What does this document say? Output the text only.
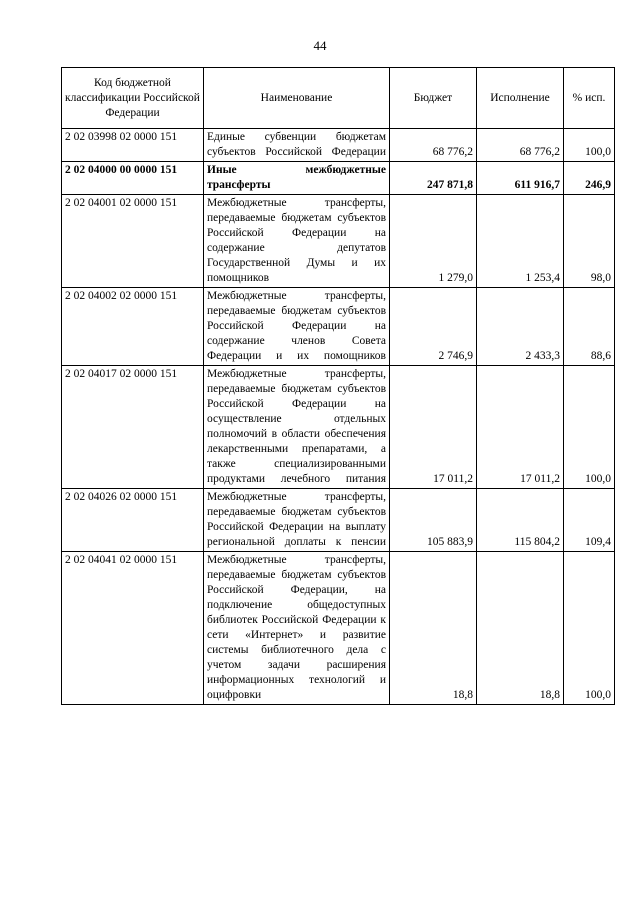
44
Код бюджетной классификации Российской Федерации	Наименование	Бюджет	Исполнение	% исп.
2 02 03998 02 0000 151	Единые субвенции бюджетам субъектов Российской Федерации	68 776,2	68 776,2	100,0
2 02 04000 00 0000 151	Иные межбюджетные трансферты	247 871,8	611 916,7	246,9
2 02 04001 02 0000 151	Межбюджетные трансферты, передаваемые бюджетам субъектов Российской Федерации на содержание депутатов Государственной Думы и их помощников	1 279,0	1 253,4	98,0
2 02 04002 02 0000 151	Межбюджетные трансферты, передаваемые бюджетам субъектов Российской Федерации на содержание членов Совета Федерации и их помощников	2 746,9	2 433,3	88,6
2 02 04017 02 0000 151	Межбюджетные трансферты, передаваемые бюджетам субъектов Российской Федерации на осуществление отдельных полномочий в области обеспечения лекарственными препаратами, а также специализированными продуктами лечебного питания	17 011,2	17 011,2	100,0
2 02 04026 02 0000 151	Межбюджетные трансферты, передаваемые бюджетам субъектов Российской Федерации на выплату региональной доплаты к пенсии	105 883,9	115 804,2	109,4
2 02 04041 02 0000 151	Межбюджетные трансферты, передаваемые бюджетам субъектов Российской Федерации, на подключение общедоступных библиотек Российской Федерации к сети «Интернет» и развитие системы библиотечного дела с учетом задачи расширения информационных технологий и оцифровки	18,8	18,8	100,0
